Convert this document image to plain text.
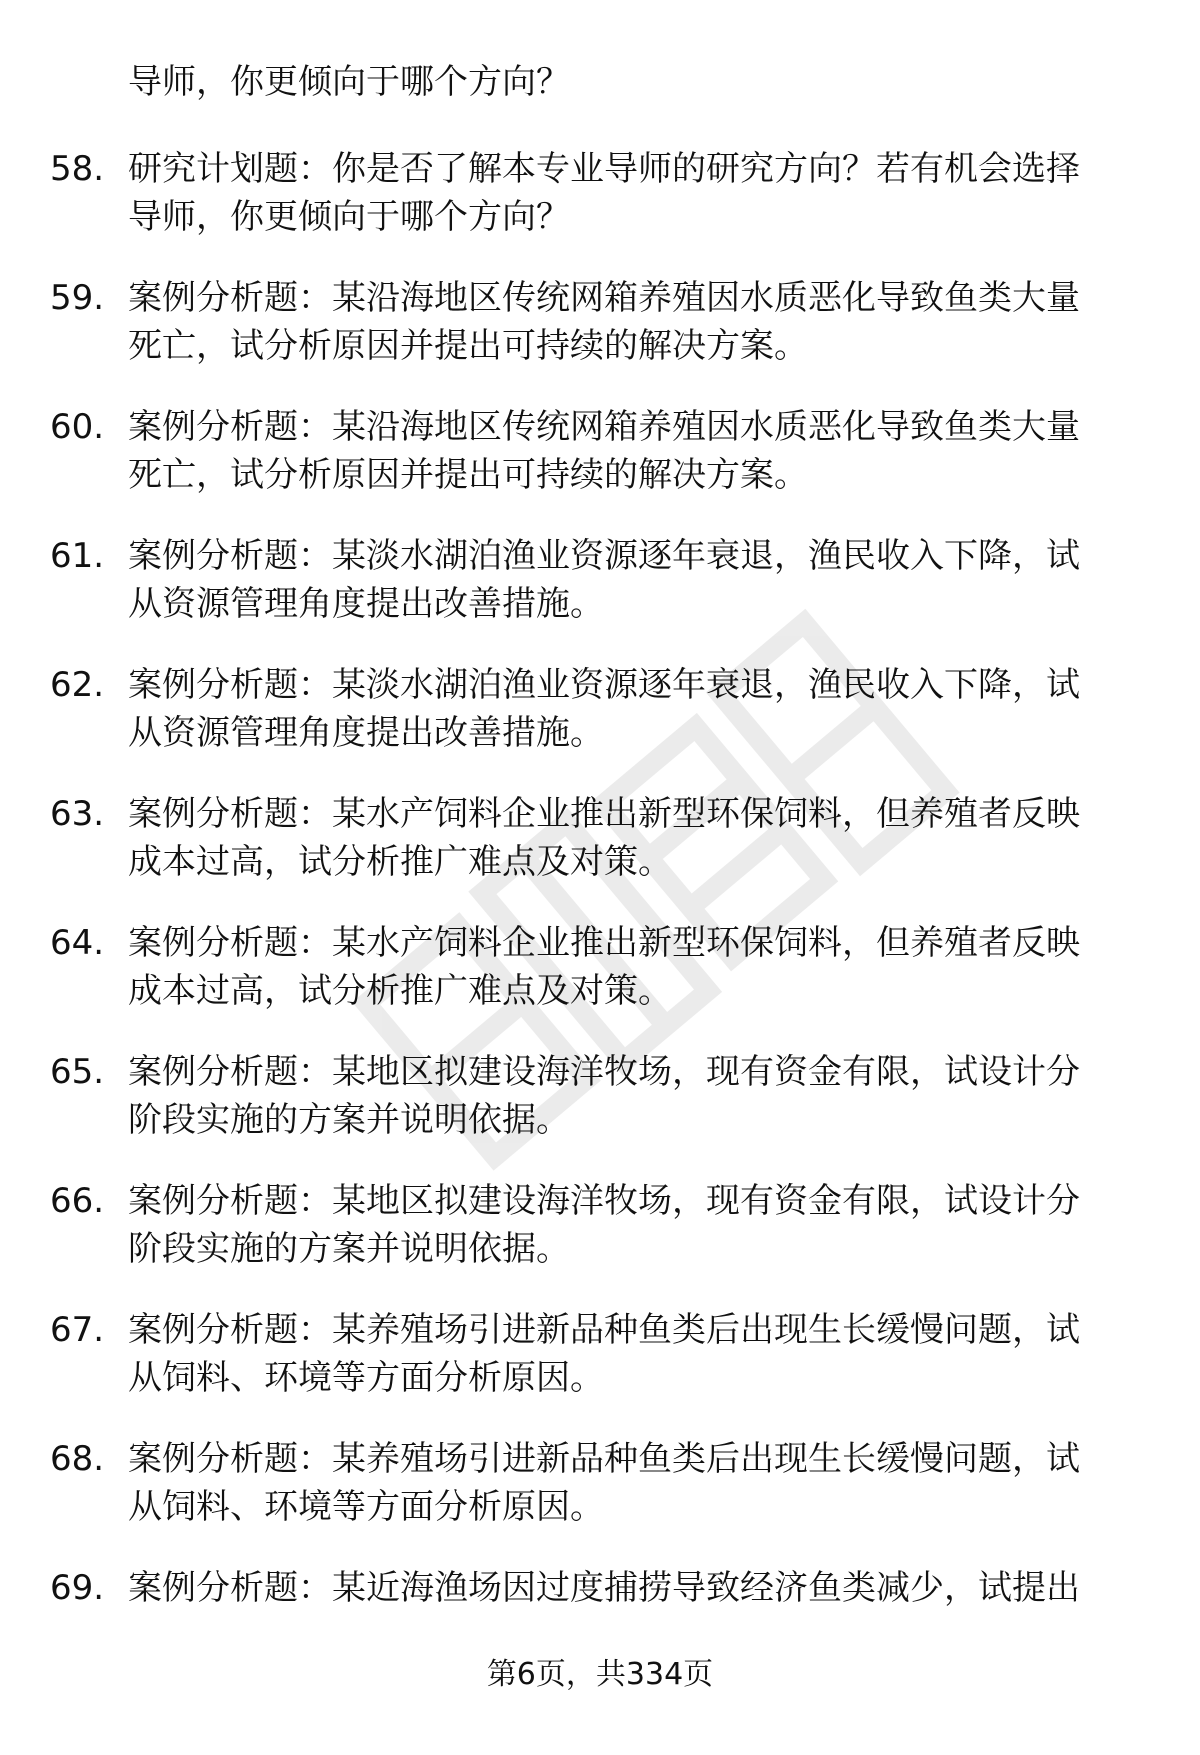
导师，你更倾向于哪个方向？
58. 研究计划题：你是否了解本专业导师的研究方向？若有机会选择
导师，你更倾向于哪个方向？
59. 案例分析题：某沿海地区传统网箱养殖因水质恶化导致鱼类大量
死亡，试分析原因并提出可持续的解决方案。
60. 案例分析题：某沿海地区传统网箱养殖因水质恶化导致鱼类大量
死亡，试分析原因并提出可持续的解决方案。
61. 案例分析题：某淡水湖泊渔业资源逐年衰退，渔民收入下降，试
从资源管理角度提出改善措施。
62. 案例分析题：某淡水湖泊渔业资源逐年衰退，渔民收入下降，试
从资源管理角度提出改善措施。
63. 案例分析题：某水产饲料企业推出新型环保饲料，但养殖者反映
成本过高，试分析推广难点及对策。
64. 案例分析题：某水产饲料企业推出新型环保饲料，但养殖者反映
成本过高，试分析推广难点及对策。
65. 案例分析题：某地区拟建设海洋牧场，现有资金有限，试设计分
阶段实施的方案并说明依据。
66. 案例分析题：某地区拟建设海洋牧场，现有资金有限，试设计分
阶段实施的方案并说明依据。
67. 案例分析题：某养殖场引进新品种鱼类后出现生长缓慢问题，试
从饲料、环境等方面分析原因。
68. 案例分析题：某养殖场引进新品种鱼类后出现生长缓慢问题，试
从饲料、环境等方面分析原因。
69. 案例分析题：某近海渔场因过度捕捞导致经济鱼类减少，试提出
第6页，共334页
